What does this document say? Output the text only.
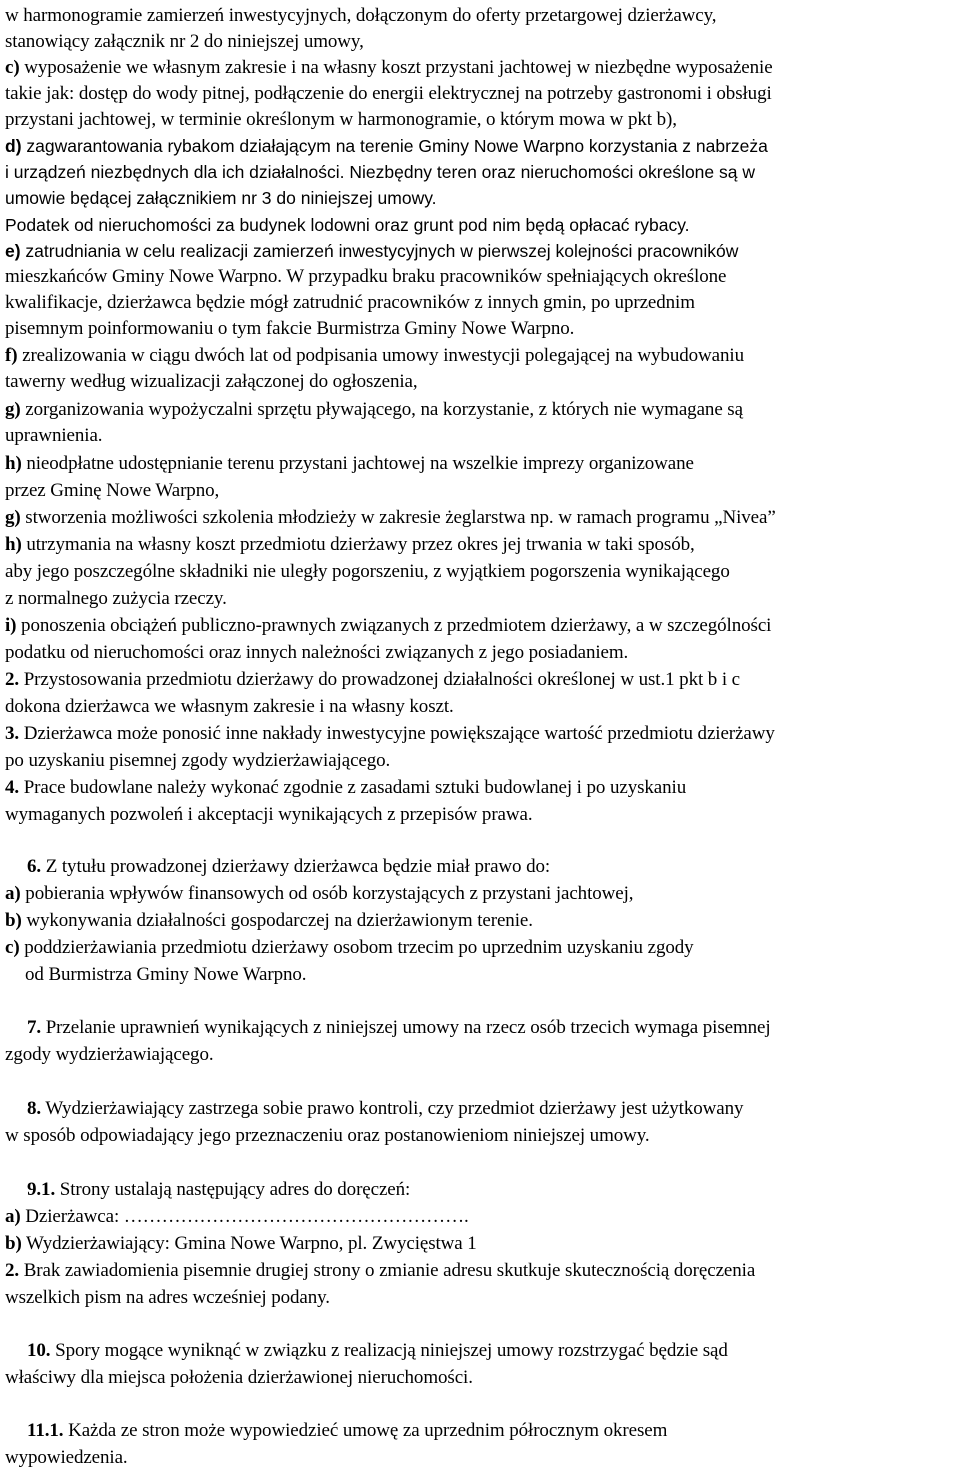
w harmonogramie zamierzeń inwestycyjnych, dołączonym do oferty przetargowej dzierżawcy,
stanowiący załącznik nr 2 do niniejszej umowy,
c) wyposażenie we własnym zakresie i na własny koszt przystani jachtowej w niezbędne wyposażenie
takie jak: dostęp do wody pitnej, podłączenie do energii elektrycznej na potrzeby gastronomi i obsługi
przystani jachtowej, w terminie określonym w harmonogramie, o którym mowa w pkt b),
d) zagwarantowania rybakom działającym na terenie Gminy Nowe Warpno korzystania z nabrzeża
i urządzeń niezbędnych dla ich działalności. Niezbędny teren oraz nieruchomości określone są w
umowie będącej załącznikiem nr 3 do niniejszej umowy.
Podatek od nieruchomości za budynek lodowni oraz grunt pod nim będą opłacać rybacy.
e) zatrudniania w celu realizacji zamierzeń inwestycyjnych w pierwszej kolejności pracowników
mieszkańców Gminy Nowe Warpno. W przypadku braku pracowników spełniających określone
kwalifikacje, dzierżawca będzie mógł zatrudnić pracowników z innych gmin, po uprzednim
pisemnym poinformowaniu o tym fakcie Burmistrza Gminy Nowe Warpno.
f) zrealizowania w ciągu dwóch lat od podpisania umowy inwestycji polegającej na wybudowaniu
tawerny według wizualizacji załączonej do ogłoszenia,
g) zorganizowania wypożyczalni sprzętu pływającego, na korzystanie, z których nie wymagane są
uprawnienia.
h) nieodpłatne udostępnianie terenu przystani jachtowej na wszelkie imprezy organizowane
przez Gminę Nowe Warpno,
g) stworzenia możliwości szkolenia młodzieży w zakresie żeglarstwa np. w ramach programu „Nivea”
h) utrzymania na własny koszt przedmiotu dzierżawy przez okres jej trwania w taki sposób,
aby jego poszczególne składniki nie uległy pogorszeniu, z wyjątkiem pogorszenia wynikającego
z normalnego zużycia rzeczy.
i) ponoszenia obciążeń publiczno-prawnych związanych z przedmiotem dzierżawy, a w szczególności
podatku od nieruchomości oraz innych należności związanych z jego posiadaniem.
2. Przystosowania przedmiotu dzierżawy do prowadzonej działalności określonej w ust.1 pkt b i c
dokona dzierżawca we własnym zakresie i na własny koszt.
3. Dzierżawca może ponosić inne nakłady inwestycyjne powiększające wartość przedmiotu dzierżawy
po uzyskaniu pisemnej zgody wydzierżawiającego.
4. Prace budowlane należy wykonać zgodnie z zasadami sztuki budowlanej i po uzyskaniu
wymaganych pozwoleń i akceptacji wynikających z przepisów prawa.
6. Z tytułu prowadzonej dzierżawy dzierżawca będzie miał prawo do:
a) pobierania wpływów finansowych od osób korzystających z przystani jachtowej,
b) wykonywania działalności gospodarczej na dzierżawionym terenie.
c) poddzierżawiania przedmiotu dzierżawy osobom trzecim po uprzednim uzyskaniu zgody
od Burmistrza Gminy Nowe Warpno.
7. Przelanie uprawnień wynikających z niniejszej umowy na rzecz osób trzecich wymaga pisemnej
zgody wydzierżawiającego.
8. Wydzierżawiający zastrzega sobie prawo kontroli, czy przedmiot dzierżawy jest użytkowany
w sposób odpowiadający jego przeznaczeniu oraz postanowieniom niniejszej umowy.
9.1. Strony ustalają następujący adres do doręczeń:
a) Dzierżawca: ……………………………………………….
b) Wydzierżawiający: Gmina Nowe Warpno, pl. Zwycięstwa 1
2. Brak zawiadomienia pisemnie drugiej strony o zmianie adresu skutkuje skutecznością doręczenia
wszelkich pism na adres wcześniej podany.
10. Spory mogące wyniknąć w związku z realizacją niniejszej umowy rozstrzygać będzie sąd
właściwy dla miejsca położenia dzierżawionej nieruchomości.
11.1. Każda ze stron może wypowiedzieć umowę za uprzednim półrocznym okresem
wypowiedzenia.
